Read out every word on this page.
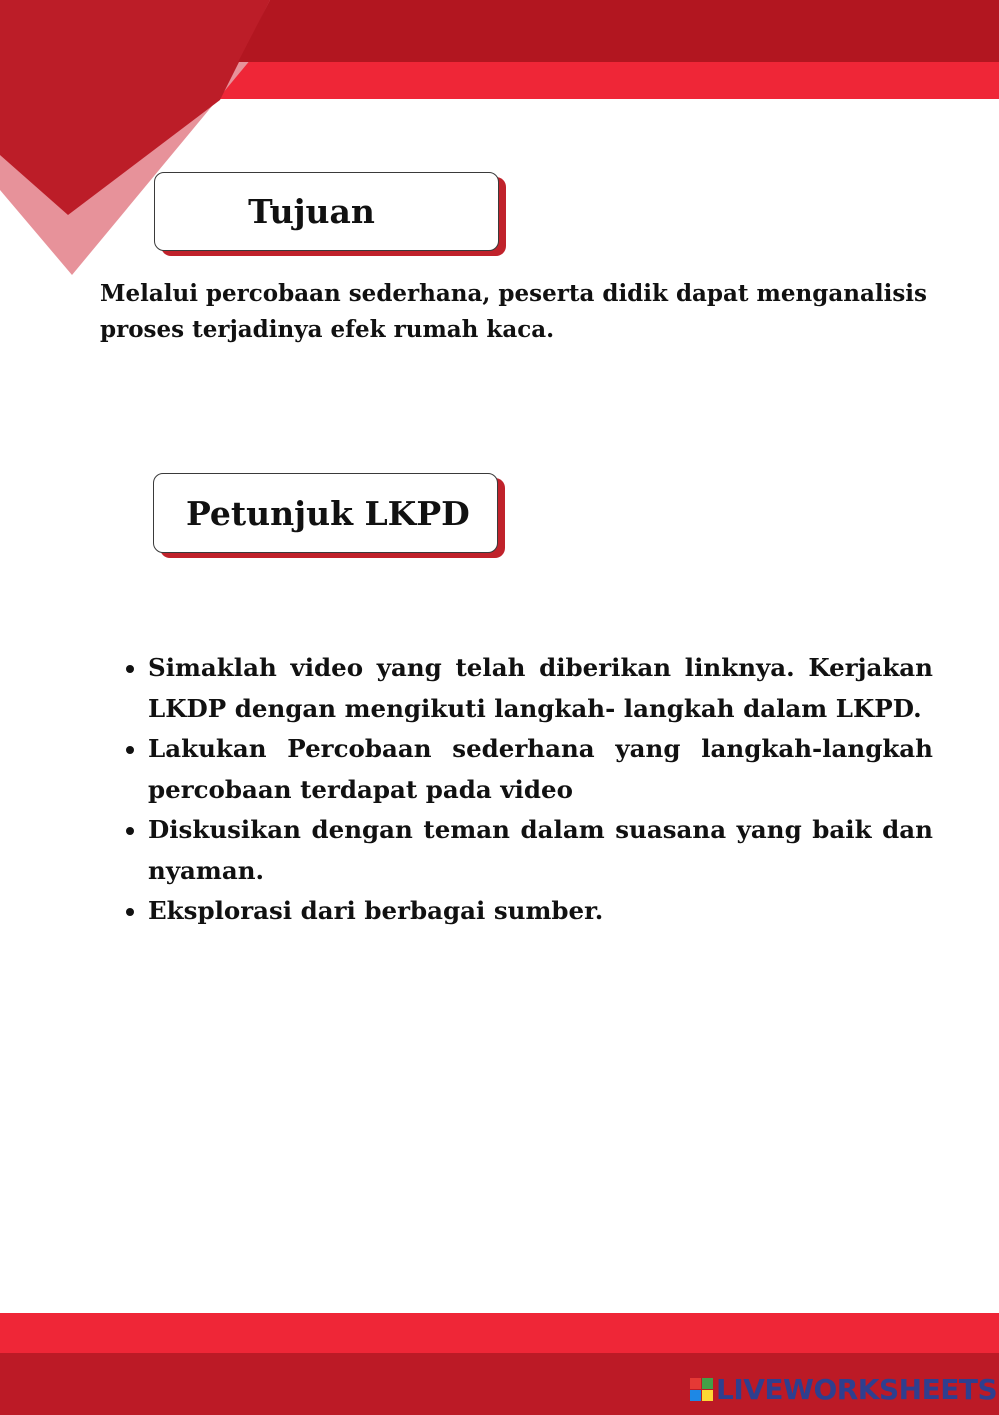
Tujuan

Melalui percobaan sederhana, peserta didik dapat menganalisis proses terjadinya efek rumah kaca.

Petunjuk LKPD
• Simaklah video yang telah diberikan linknya. Kerjakan LKDP dengan mengikuti langkah- langkah dalam LKPD.
• Lakukan Percobaan sederhana yang langkah-langkah percobaan terdapat pada video
• Diskusikan dengan teman dalam suasana yang baik dan nyaman.
• Eksplorasi dari berbagai sumber.
LIVEWORKSHEETS
